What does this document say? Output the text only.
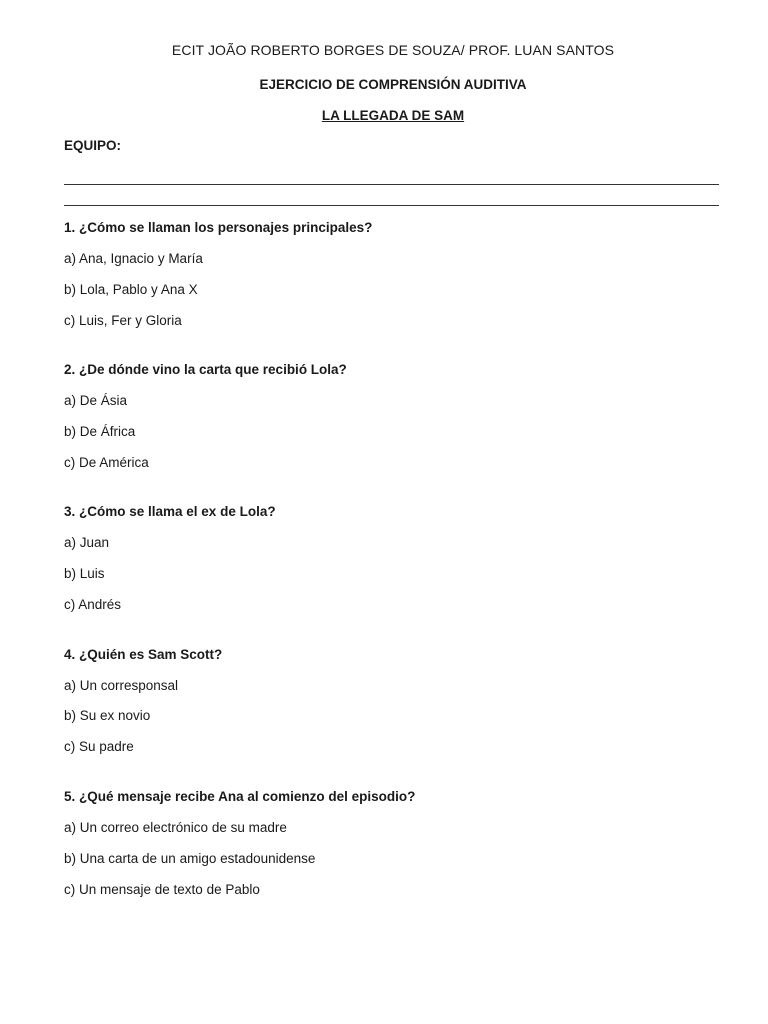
ECIT JOÃO ROBERTO BORGES DE SOUZA/ PROF. LUAN SANTOS
EJERCICIO DE COMPRENSIÓN AUDITIVA
LA LLEGADA DE SAM
EQUIPO:
1. ¿Cómo se llaman los personajes principales?
a) Ana, Ignacio y María
b) Lola, Pablo y Ana X
c) Luis, Fer y Gloria
2. ¿De dónde vino la carta que recibió Lola?
a) De Ásia
b) De África
c) De América
3. ¿Cómo se llama el ex de Lola?
a) Juan
b) Luis
c) Andrés
4. ¿Quién es Sam Scott?
a) Un corresponsal
b) Su ex novio
c) Su padre
5. ¿Qué mensaje recibe Ana al comienzo del episodio?
a) Un correo electrónico de su madre
b) Una carta de un amigo estadounidense
c) Un mensaje de texto de Pablo
